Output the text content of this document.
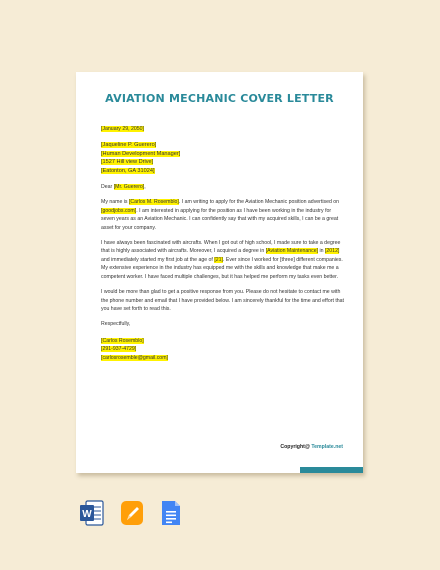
AVIATION MECHANIC COVER LETTER

[January 29, 2050]

[Jaqueline P. Guerero]
[Human Development Manager]
[1527 Hill view Drive]
[Eatonton, GA 31024]

Dear [Mr. Guerero],

My name is [Carlos M. Rosemblo]. I am writing to apply for the Aviation Mechanic position advertised on [goodjobs.com]. I am interested in applying for the position as I have been working in the industry for seven years as an Aviation Mechanic. I can confidently say that with my acquired skills, I can be a great asset for your company.

I have always been fascinated with aircrafts. When I got out of high school, I made sure to take a degree that is highly associated with aircrafts. Moreover, I acquired a degree in [Aviation Maintenance] in [2012] and immediately started my first job at the age of [21]. Ever since I worked for [three] different companies. My extensive experience in the industry has equipped me with the skills and knowledge that make me a competent worker. I have faced multiple challenges, but it has helped me perform my tasks even better.

I would be more than glad to get a positive response from you. Please do not hesitate to contact me with the phone number and email that I have provided below. I am sincerely thankful for the time and effort that you have set forth to read this.

Respectfully,

[Carlos Rosemblo]
[291-937-4729]
[carlosrosemble@gmail.com]
Copyright@ Template.net
W
